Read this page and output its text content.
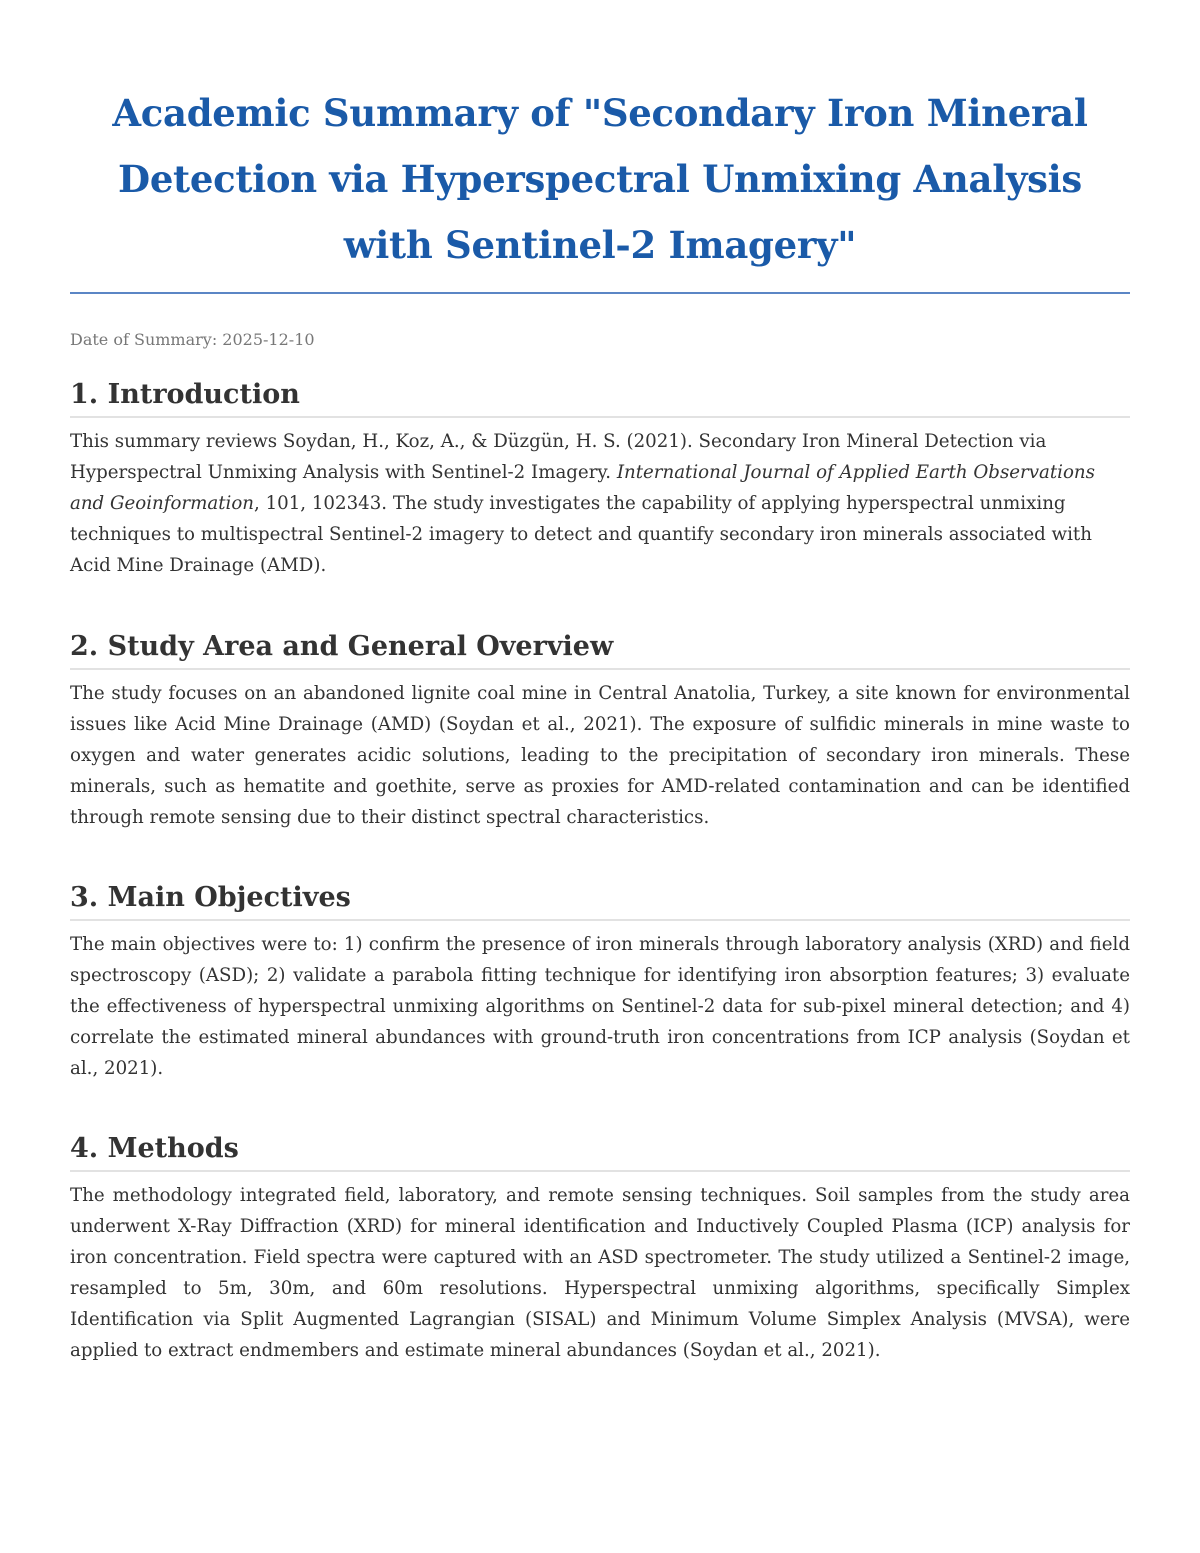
Academic Summary of "Secondary Iron Mineral Detection via Hyperspectral Unmixing Analysis with Sentinel-2 Imagery"

Date of Summary: 2025-12-10

1. Introduction

This summary reviews Soydan, H., Koz, A., & Düzgün, H. S. (2021). Secondary Iron Mineral Detection via Hyperspectral Unmixing Analysis with Sentinel-2 Imagery. International Journal of Applied Earth Observations and Geoinformation, 101, 102343. The study investigates the capability of applying hyperspectral unmixing techniques to multispectral Sentinel-2 imagery to detect and quantify secondary iron minerals associated with Acid Mine Drainage (AMD).

2. Study Area and General Overview

The study focuses on an abandoned lignite coal mine in Central Anatolia, Turkey, a site known for environmental issues like Acid Mine Drainage (AMD) (Soydan et al., 2021). The exposure of sulfidic minerals in mine waste to oxygen and water generates acidic solutions, leading to the precipitation of secondary iron minerals. These minerals, such as hematite and goethite, serve as proxies for AMD-related contamination and can be identified through remote sensing due to their distinct spectral characteristics.

3. Main Objectives

The main objectives were to: 1) confirm the presence of iron minerals through laboratory analysis (XRD) and field spectroscopy (ASD); 2) validate a parabola fitting technique for identifying iron absorption features; 3) evaluate the effectiveness of hyperspectral unmixing algorithms on Sentinel-2 data for sub-pixel mineral detection; and 4) correlate the estimated mineral abundances with ground-truth iron concentrations from ICP analysis (Soydan et al., 2021).

4. Methods

The methodology integrated field, laboratory, and remote sensing techniques. Soil samples from the study area underwent X-Ray Diffraction (XRD) for mineral identification and Inductively Coupled Plasma (ICP) analysis for iron concentration. Field spectra were captured with an ASD spectrometer. The study utilized a Sentinel-2 image, resampled to 5m, 30m, and 60m resolutions. Hyperspectral unmixing algorithms, specifically Simplex Identification via Split Augmented Lagrangian (SISAL) and Minimum Volume Simplex Analysis (MVSA), were applied to extract endmembers and estimate mineral abundances (Soydan et al., 2021).
